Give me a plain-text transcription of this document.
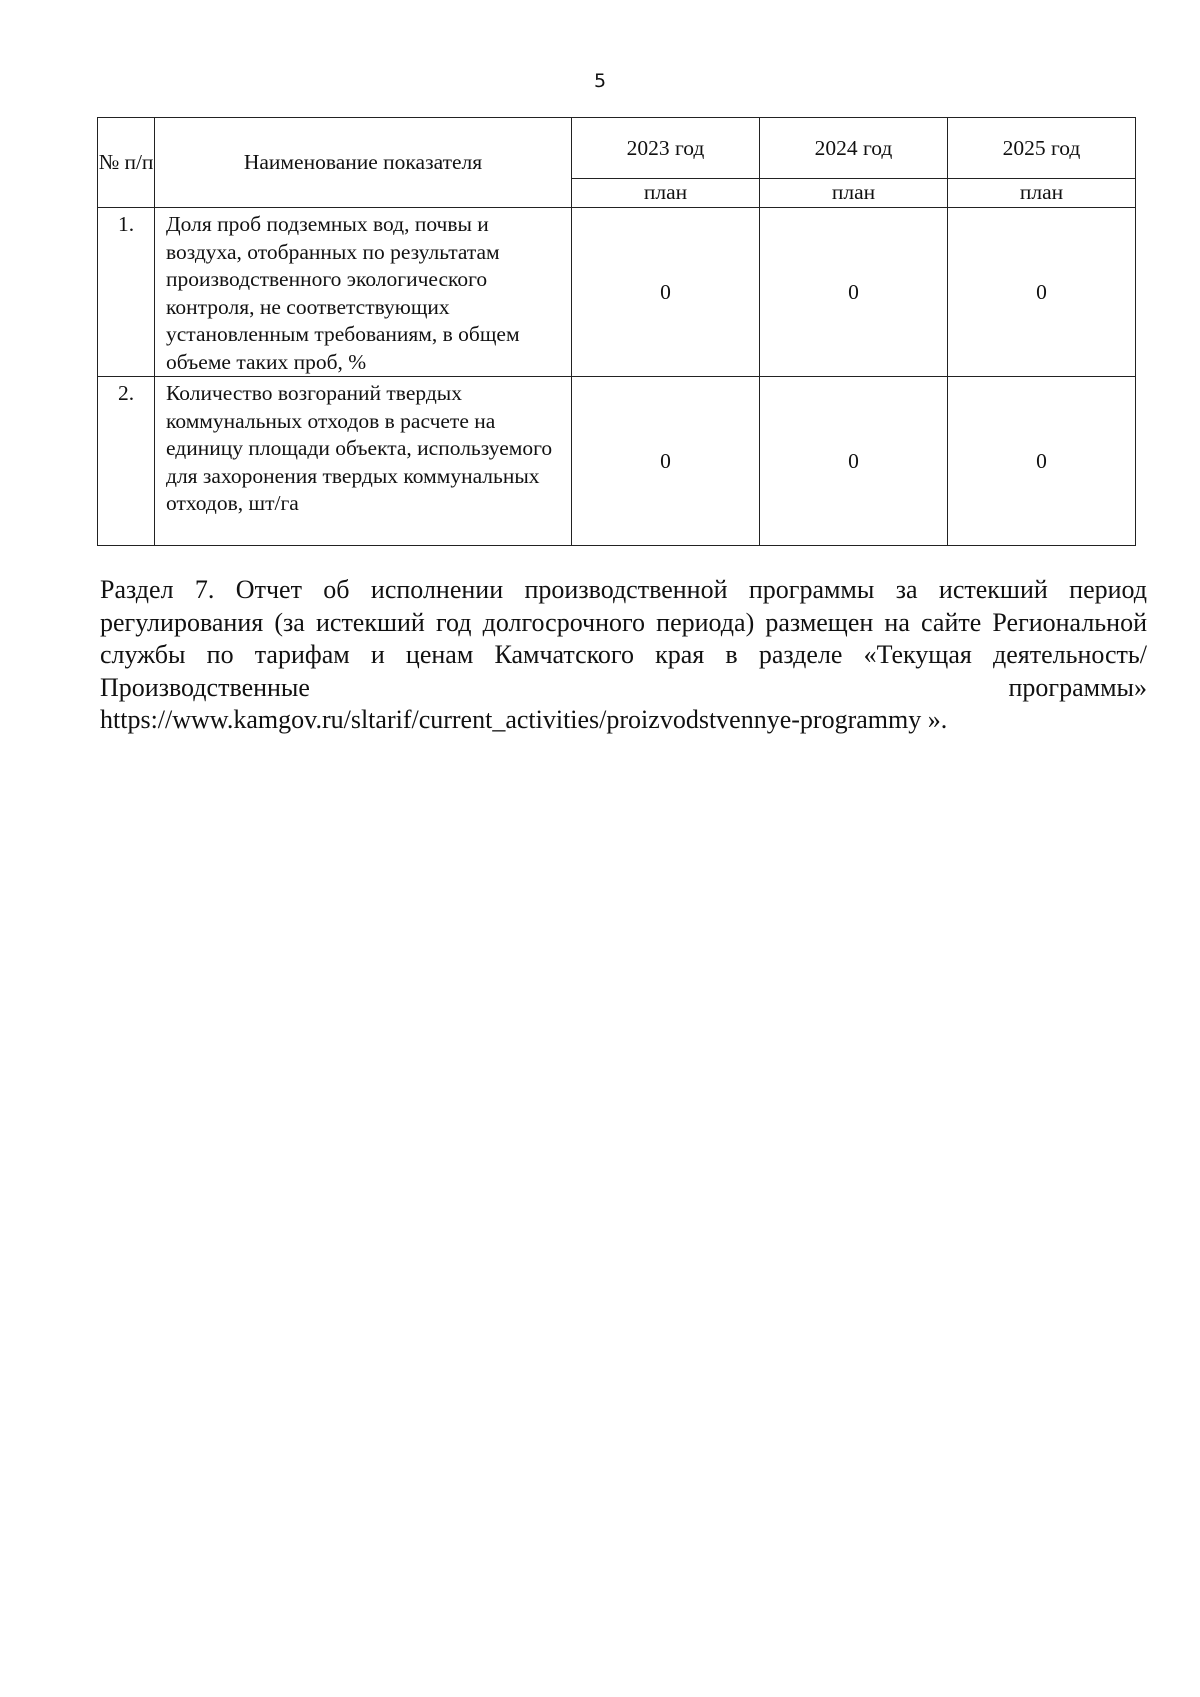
5
№ п/п	Наименование показателя	2023 год	2024 год	2025 год
		план	план	план
1.	Доля проб подземных вод, почвы и воздуха, отобранных по результатам производственного экологического контроля, не соответствующих установленным требованиям, в общем объеме таких проб, %	0	0	0
2.	Количество возгораний твердых коммунальных отходов в расчете на единицу площади объекта, используемого для захоронения твердых коммунальных отходов, шт/га	0	0	0

Раздел 7. Отчет об исполнении производственной программы за истекший период регулирования (за истекший год долгосрочного периода) размещен на сайте Региональной службы по тарифам и ценам Камчатского края в разделе «Текущая деятельность/Производственные программы» https://www.kamgov.ru/sltarif/current_activities/proizvodstvennye-programmy ».
